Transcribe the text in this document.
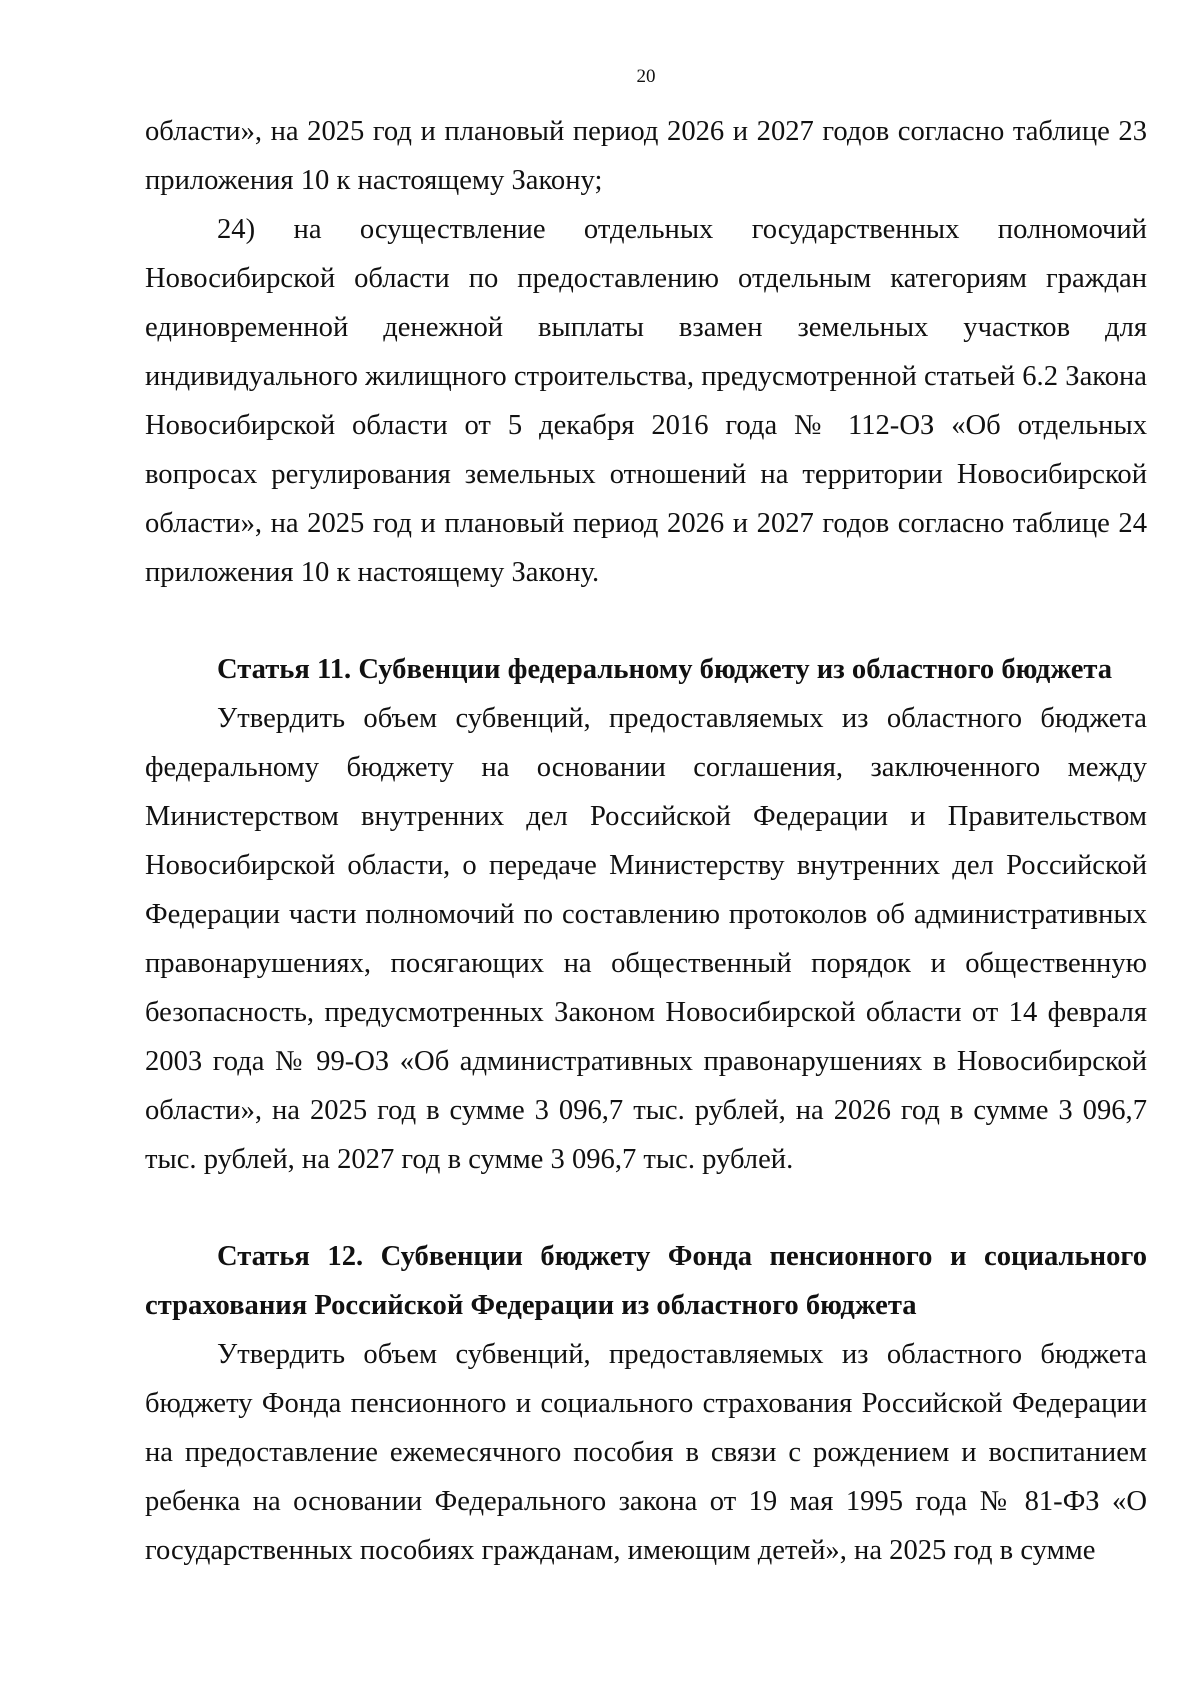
20

области», на 2025 год и плановый период 2026 и 2027 годов согласно таблице 23 приложения 10 к настоящему Закону;

24) на осуществление отдельных государственных полномочий Новосибирской области по предоставлению отдельным категориям граждан единовременной денежной выплаты взамен земельных участков для индивидуального жилищного строительства, предусмотренной статьей 6.2 Закона Новосибирской области от 5 декабря 2016 года № 112-ОЗ «Об отдельных вопросах регулирования земельных отношений на территории Новосибирской области», на 2025 год и плановый период 2026 и 2027 годов согласно таблице 24 приложения 10 к настоящему Закону.

Статья 11. Субвенции федеральному бюджету из областного бюджета

Утвердить объем субвенций, предоставляемых из областного бюджета федеральному бюджету на основании соглашения, заключенного между Министерством внутренних дел Российской Федерации и Правительством Новосибирской области, о передаче Министерству внутренних дел Российской Федерации части полномочий по составлению протоколов об административных правонарушениях, посягающих на общественный порядок и общественную безопасность, предусмотренных Законом Новосибирской области от 14 февраля 2003 года № 99-ОЗ «Об административных правонарушениях в Новосибирской области», на 2025 год в сумме 3 096,7 тыс. рублей, на 2026 год в сумме 3 096,7 тыс. рублей, на 2027 год в сумме 3 096,7 тыс. рублей.

Статья 12. Субвенции бюджету Фонда пенсионного и социального страхования Российской Федерации из областного бюджета

Утвердить объем субвенций, предоставляемых из областного бюджета бюджету Фонда пенсионного и социального страхования Российской Федерации на предоставление ежемесячного пособия в связи с рождением и воспитанием ребенка на основании Федерального закона от 19 мая 1995 года № 81-ФЗ «О государственных пособиях гражданам, имеющим детей», на 2025 год в сумме
